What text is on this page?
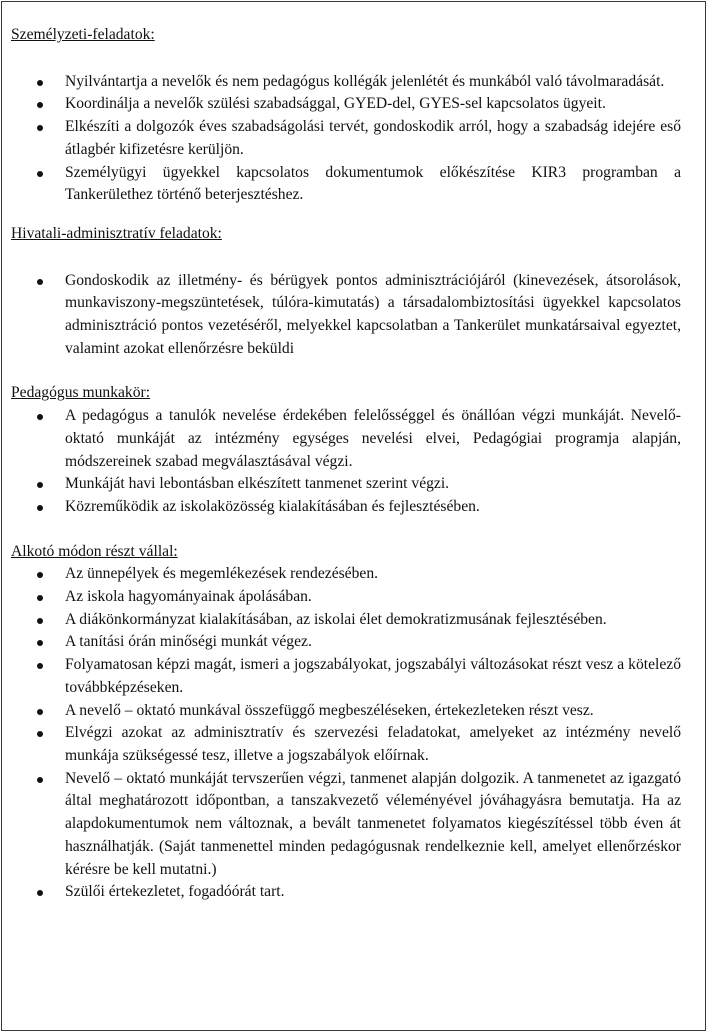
Személyzeti-feladatok:

Nyilvántartja a nevelők és nem pedagógus kollégák jelenlétét és munkából való távolmaradását.
Koordinálja a nevelők szülési szabadsággal, GYED-del, GYES-sel kapcsolatos ügyeit.
Elkészíti a dolgozók éves szabadságolási tervét, gondoskodik arról, hogy a szabadság idejére eső átlagbér kifizetésre kerüljön.
Személyügyi ügyekkel kapcsolatos dokumentumok előkészítése KIR3 programban a Tankerülethez történő beterjesztéshez.

Hivatali-adminisztratív feladatok:

Gondoskodik az illetmény- és bérügyek pontos adminisztrációjáról (kinevezések, átsorolások, munkaviszony-megszüntetések, túlóra-kimutatás) a társadalombiztosítási ügyekkel kapcsolatos adminisztráció pontos vezetéséről, melyekkel kapcsolatban a Tankerület munkatársaival egyeztet, valamint azokat ellenőrzésre beküldi

Pedagógus munkakör:

A pedagógus a tanulók nevelése érdekében felelősséggel és önállóan végzi munkáját. Nevelő-oktató munkáját az intézmény egységes nevelési elvei, Pedagógiai programja alapján, módszereinek szabad megválasztásával végzi.
Munkáját havi lebontásban elkészített tanmenet szerint végzi.
Közreműködik az iskolaközösség kialakításában és fejlesztésében.

Alkotó módon részt vállal:

Az ünnepélyek és megemlékezések rendezésében.
Az iskola hagyományainak ápolásában.
A diákönkormányzat kialakításában, az iskolai élet demokratizmusának fejlesztésében.
A tanítási órán minőségi munkát végez.
Folyamatosan képzi magát, ismeri a jogszabályokat, jogszabályi változásokat részt vesz a kötelező továbbképzéseken.
A nevelő – oktató munkával összefüggő megbeszéléseken, értekezleteken részt vesz.
Elvégzi azokat az adminisztratív és szervezési feladatokat, amelyeket az intézmény nevelő munkája szükségessé tesz, illetve a jogszabályok előírnak.
Nevelő – oktató munkáját tervszerűen végzi, tanmenet alapján dolgozik. A tanmenetet az igazgató által meghatározott időpontban, a tanszakvezető véleményével jóváhagyásra bemutatja. Ha az alapdokumentumok nem változnak, a bevált tanmenetet folyamatos kiegészítéssel több éven át használhatják. (Saját tanmenettel minden pedagógusnak rendelkeznie kell, amelyet ellenőrzéskor kérésre be kell mutatni.)
Szülői értekezletet, fogadóórát tart.
